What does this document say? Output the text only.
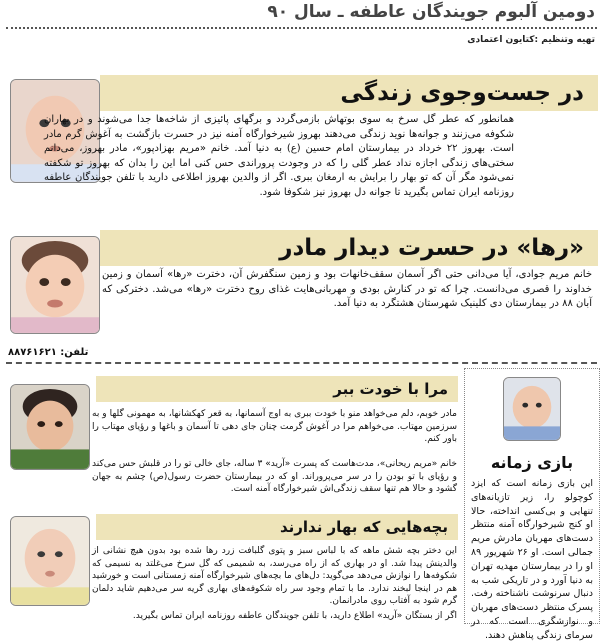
دومین آلبوم جویندگان عاطفه ـ سال ۹۰
تهیه وتنظیم :کتایون اعتمادی
در جست‌وجوی زندگی
همانطور که عطر گل سرخ به سوی بوتهاش بازمی‌گردد و برگهای پائیزی از شاخه‌ها جدا می‌شوند و در بهاران شکوفه می‌زنند و جوانه‌ها نوید زندگی می‌دهند بهروز شیرخوارگاه آمنه نیز در حسرت بازگشت به آغوش گرم مادر است. بهروز ۲۲ خرداد در بیمارستان امام حسین (ع) به دنیا آمد. خانم «مریم بهزادپور»، مادر بهروز، می‌دانم سختی‌های زندگی اجازه نداد عطر گلی را که در وجودت پروراندی حس کنی اما این را بدان که بهروز تو شکفته نمی‌شود مگر آن که تو بهار را برایش به ارمغان ببری. اگر از والدین بهروز اطلاعی دارید با تلفن جویندگان عاطفه روزنامه ایران تماس بگیرید تا جوانه دل بهروز نیز شکوفا شود.
«رها» در حسرت دیدار مادر
خانم مریم جوادی، آیا می‌دانی حتی اگر آسمان سقف‌خانهات بود و زمین سنگفرش آن، دخترت «رها» آسمان و زمین خداوند را قصری می‌دانست. چرا که تو در کنارش بودی و مهربانی‌هایت غذای روح دخترت «رها» می‌شد. دخترکی که آبان ۸۸ در بیمارستان دی کلینیک شهرستان هشتگرد به دنیا آمد.
تلفن: ۸۸۷۶۱۶۲۱
مرا با خودت ببر
مادر خوبم، دلم می‌خواهد منو با خودت ببری به اوج آسمانها، به قعر کهکشانها، به مهمونی گلها و به سرزمین مهتاب. می‌خواهم مرا در آغوش گرمت چنان جای دهی تا آسمان و باغها و رؤیای مهتاب را باور کنم.
خانم «مریم ریحانی»، مدت‌هاست که پسرت «آرید» ۳ ساله، جای خالی تو را در قلبش حس می‌کند و رؤیای با تو بودن را در سر می‌پروراند. او که در بیمارستان حضرت رسول(ص) چشم به جهان گشود و حالا هم تنها سقف زندگی‌اش شیرخوارگاه آمنه است.
بچه‌هایی که بهار ندارند
این دختر بچه شش ماهه که با لباس سبز و پتوی گلبافت زرد رها شده بود بدون هیچ نشانی از والدینش پیدا شد. او در بهاری که از راه می‌رسد، به شمیمی که گل سرخ می‌غلتد به نسیمی که شکوفه‌ها را نوازش می‌دهد می‌گوید: دل‌های ما بچه‌های شیرخوارگاه آمنه زمستانی است و خورشید هم در اینجا لبخند ندارد. ما با تمام وجود سر راه شکوفه‌های بهاری گریه سر می‌دهیم شاید دلمان گرم شود به آفتاب روی مادرانمان.
اگر از بستگان «آرید» اطلاع دارید، با تلفن جویندگان عاطفه روزنامه ایران تماس بگیرید.
بازی زمانه
این بازی زمانه است که ایزد کوچولو را، زیر تازیانه‌های تنهایی و بی‌کسی انداخته، حالا او کنج شیرخوارگاه آمنه منتظر دست‌های مهربان مادرش مریم جمالی است. او ۲۶ شهریور ۸۹ او را در بیمارستان مهدیه تهران به دنیا آورد و در تاریکی شب به دنبال سرنوشت ناشناخته رفت. پسرک منتظر دست‌های مهربان و نوازشگری است که در سرمای زندگی پناهش دهند.
